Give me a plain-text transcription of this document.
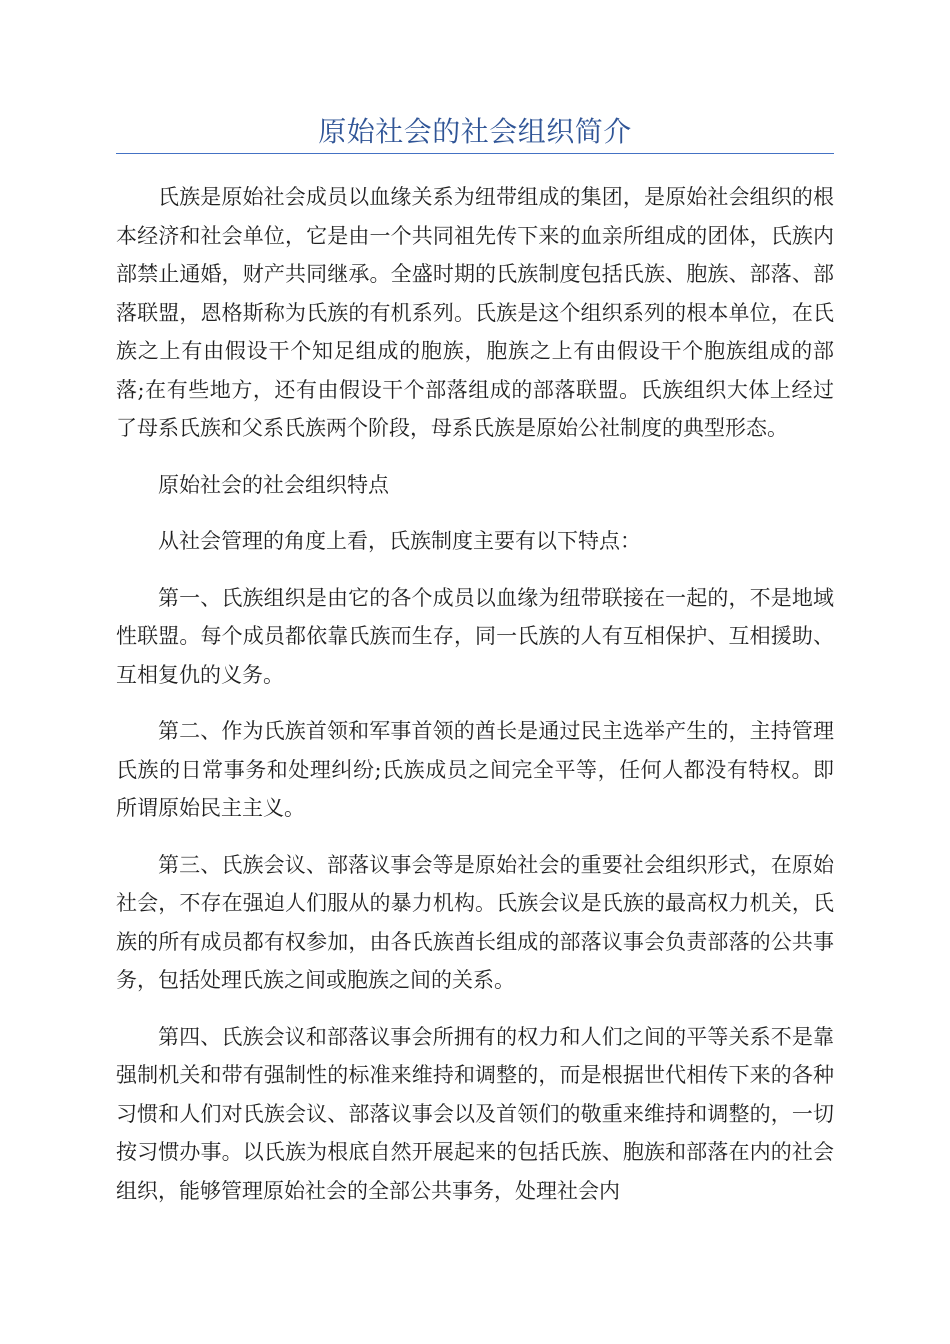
原始社会的社会组织简介

氏族是原始社会成员以血缘关系为纽带组成的集团，是原始社会组织的根本经济和社会单位，它是由一个共同祖先传下来的血亲所组成的团体，氏族内部禁止通婚，财产共同继承。全盛时期的氏族制度包括氏族、胞族、部落、部落联盟，恩格斯称为氏族的有机系列。氏族是这个组织系列的根本单位，在氏族之上有由假设干个知足组成的胞族，胞族之上有由假设干个胞族组成的部落;在有些地方，还有由假设干个部落组成的部落联盟。氏族组织大体上经过了母系氏族和父系氏族两个阶段，母系氏族是原始公社制度的典型形态。

原始社会的社会组织特点

从社会管理的角度上看，氏族制度主要有以下特点：

第一、氏族组织是由它的各个成员以血缘为纽带联接在一起的，不是地域性联盟。每个成员都依靠氏族而生存，同一氏族的人有互相保护、互相援助、互相复仇的义务。

第二、作为氏族首领和军事首领的酋长是通过民主选举产生的，主持管理氏族的日常事务和处理纠纷;氏族成员之间完全平等，任何人都没有特权。即所谓原始民主主义。

第三、氏族会议、部落议事会等是原始社会的重要社会组织形式，在原始社会，不存在强迫人们服从的暴力机构。氏族会议是氏族的最高权力机关，氏族的所有成员都有权参加，由各氏族酋长组成的部落议事会负责部落的公共事务，包括处理氏族之间或胞族之间的关系。

第四、氏族会议和部落议事会所拥有的权力和人们之间的平等关系不是靠强制机关和带有强制性的标准来维持和调整的，而是根据世代相传下来的各种习惯和人们对氏族会议、部落议事会以及首领们的敬重来维持和调整的，一切按习惯办事。以氏族为根底自然开展起来的包括氏族、胞族和部落在内的社会组织，能够管理原始社会的全部公共事务，处理社会内
